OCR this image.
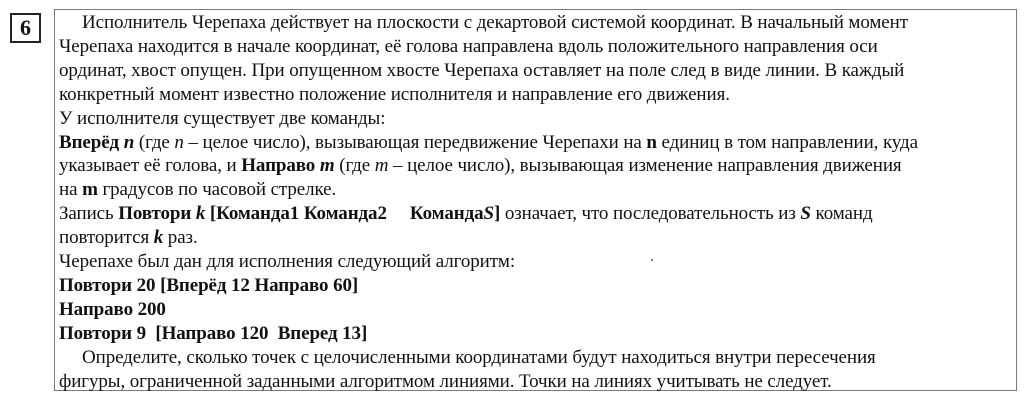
6	Исполнитель Черепаха действует на плоскости с декартовой системой координат. В начальный момент
Черепаха находится в начале координат, её голова направлена вдоль положительного направления оси
ординат, хвост опущен. При опущенном хвосте Черепаха оставляет на поле след в виде линии. В каждый
конкретный момент известно положение исполнителя и направление его движения.
У исполнителя существует две команды:
Вперёд n (где n – целое число), вызывающая передвижение Черепахи на n единиц в том направлении, куда
указывает её голова, и Направо m (где m – целое число), вызывающая изменение направления движения
на m градусов по часовой стрелке.
Запись Повтори k [Команда1 Команда2 КомандаS] означает, что последовательность из S команд
повторится k раз.
Черепахе был дан для исполнения следующий алгоритм:
Повтори 20 [Вперёд 12 Направо 60]
Направо 200
Повтори 9  [Направо 120  Вперед 13]
Определите, сколько точек с целочисленными координатами будут находиться внутри пересечения
фигуры, ограниченной заданными алгоритмом линиями. Точки на линиях учитывать не следует.
